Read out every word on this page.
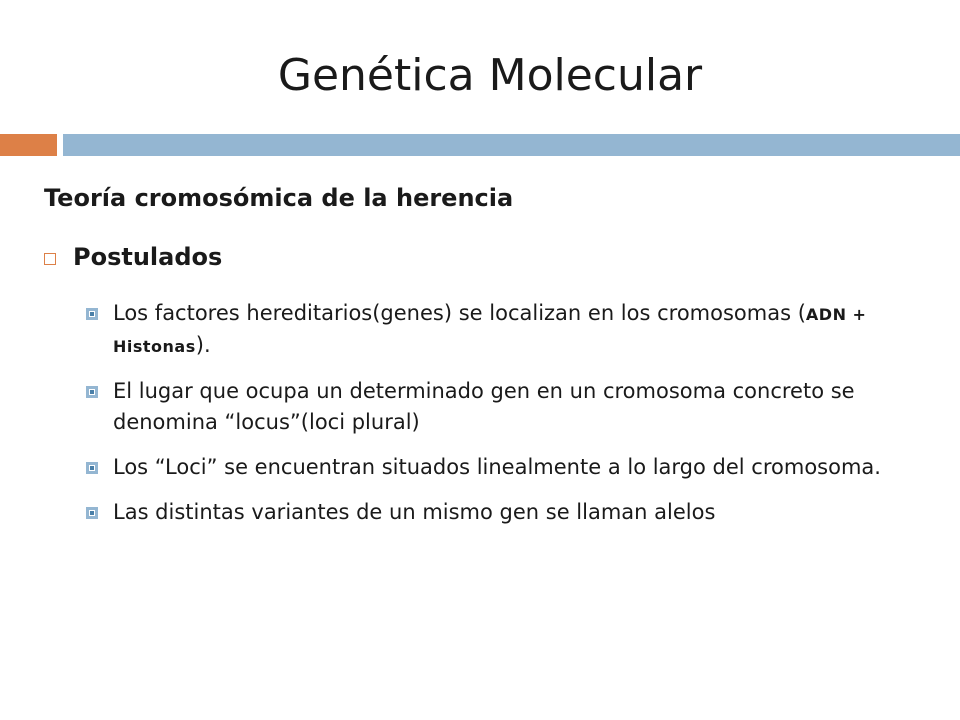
Genética Molecular
Teoría cromosómica de la herencia
Postulados
Los factores hereditarios(genes) se localizan en los cromosomas (ADN + Histonas).
El lugar que ocupa un determinado gen en un cromosoma concreto se denomina “locus”(loci plural)
Los “Loci” se encuentran situados linealmente a lo largo del cromosoma.
Las distintas variantes de un mismo gen se llaman alelos
